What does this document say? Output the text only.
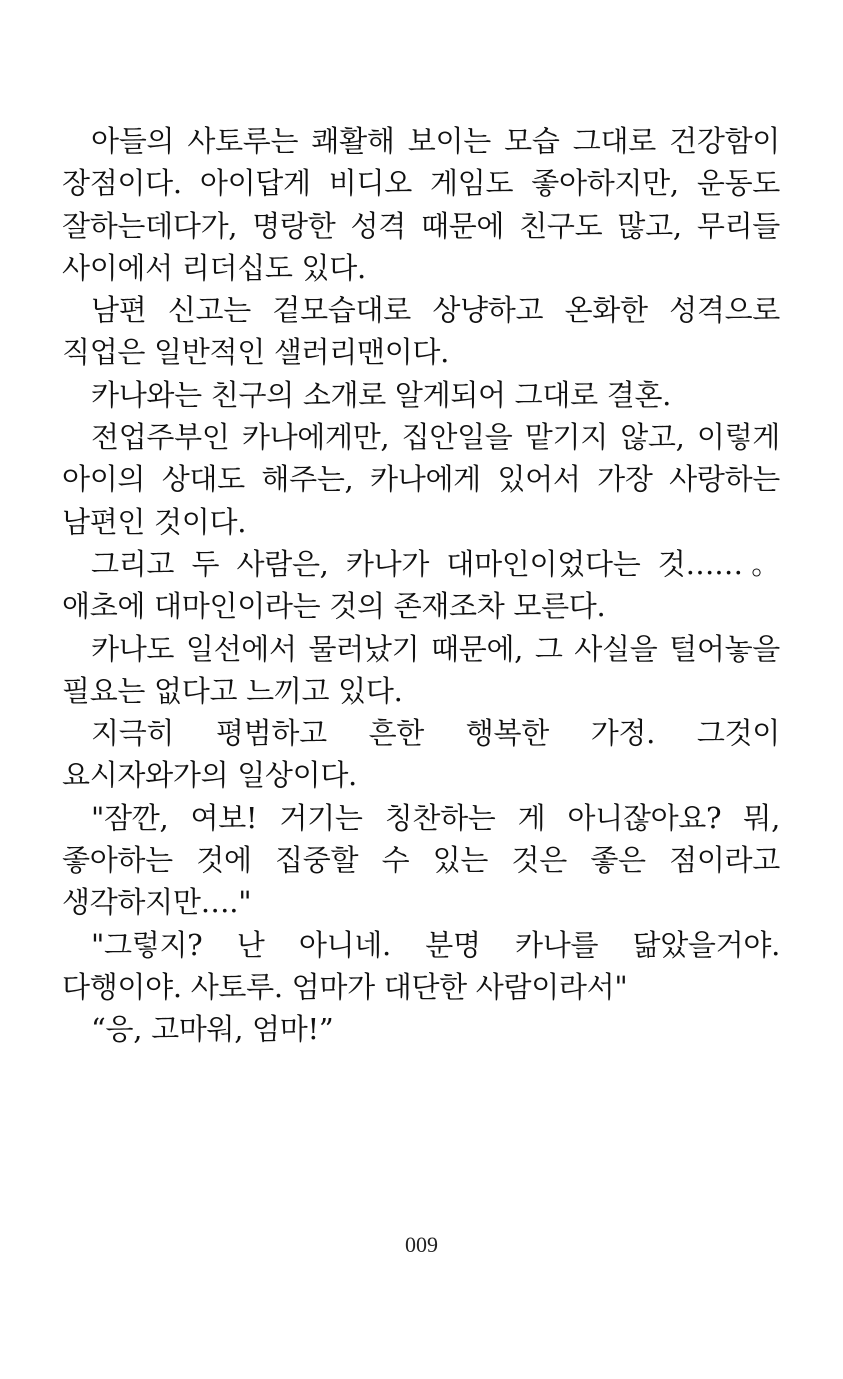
아들의 사토루는 쾌활해 보이는 모습 그대로 건강함이 장점이다. 아이답게 비디오 게임도 좋아하지만, 운동도 잘하는데다가, 명랑한 성격 때문에 친구도 많고, 무리들 사이에서 리더십도 있다.

남편 신고는 겉모습대로 상냥하고 온화한 성격으로 직업은 일반적인 샐러리맨이다.

카나와는 친구의 소개로 알게되어 그대로 결혼.

전업주부인 카나에게만, 집안일을 맡기지 않고, 이렇게 아이의 상대도 해주는, 카나에게 있어서 가장 사랑하는 남편인 것이다.

그리고 두 사람은, 카나가 대마인이었다는 것……。 애초에 대마인이라는 것의 존재조차 모른다.

카나도 일선에서 물러났기 때문에, 그 사실을 털어놓을 필요는 없다고 느끼고 있다.

지극히 평범하고 흔한 행복한 가정. 그것이 요시자와가의 일상이다.

"잠깐, 여보! 거기는 칭찬하는 게 아니잖아요? 뭐, 좋아하는 것에 집중할 수 있는 것은 좋은 점이라고 생각하지만…."

"그렇지? 난 아니네. 분명 카나를 닮았을거야. 다행이야. 사토루. 엄마가 대단한 사람이라서"

“응, 고마워, 엄마!”

009
